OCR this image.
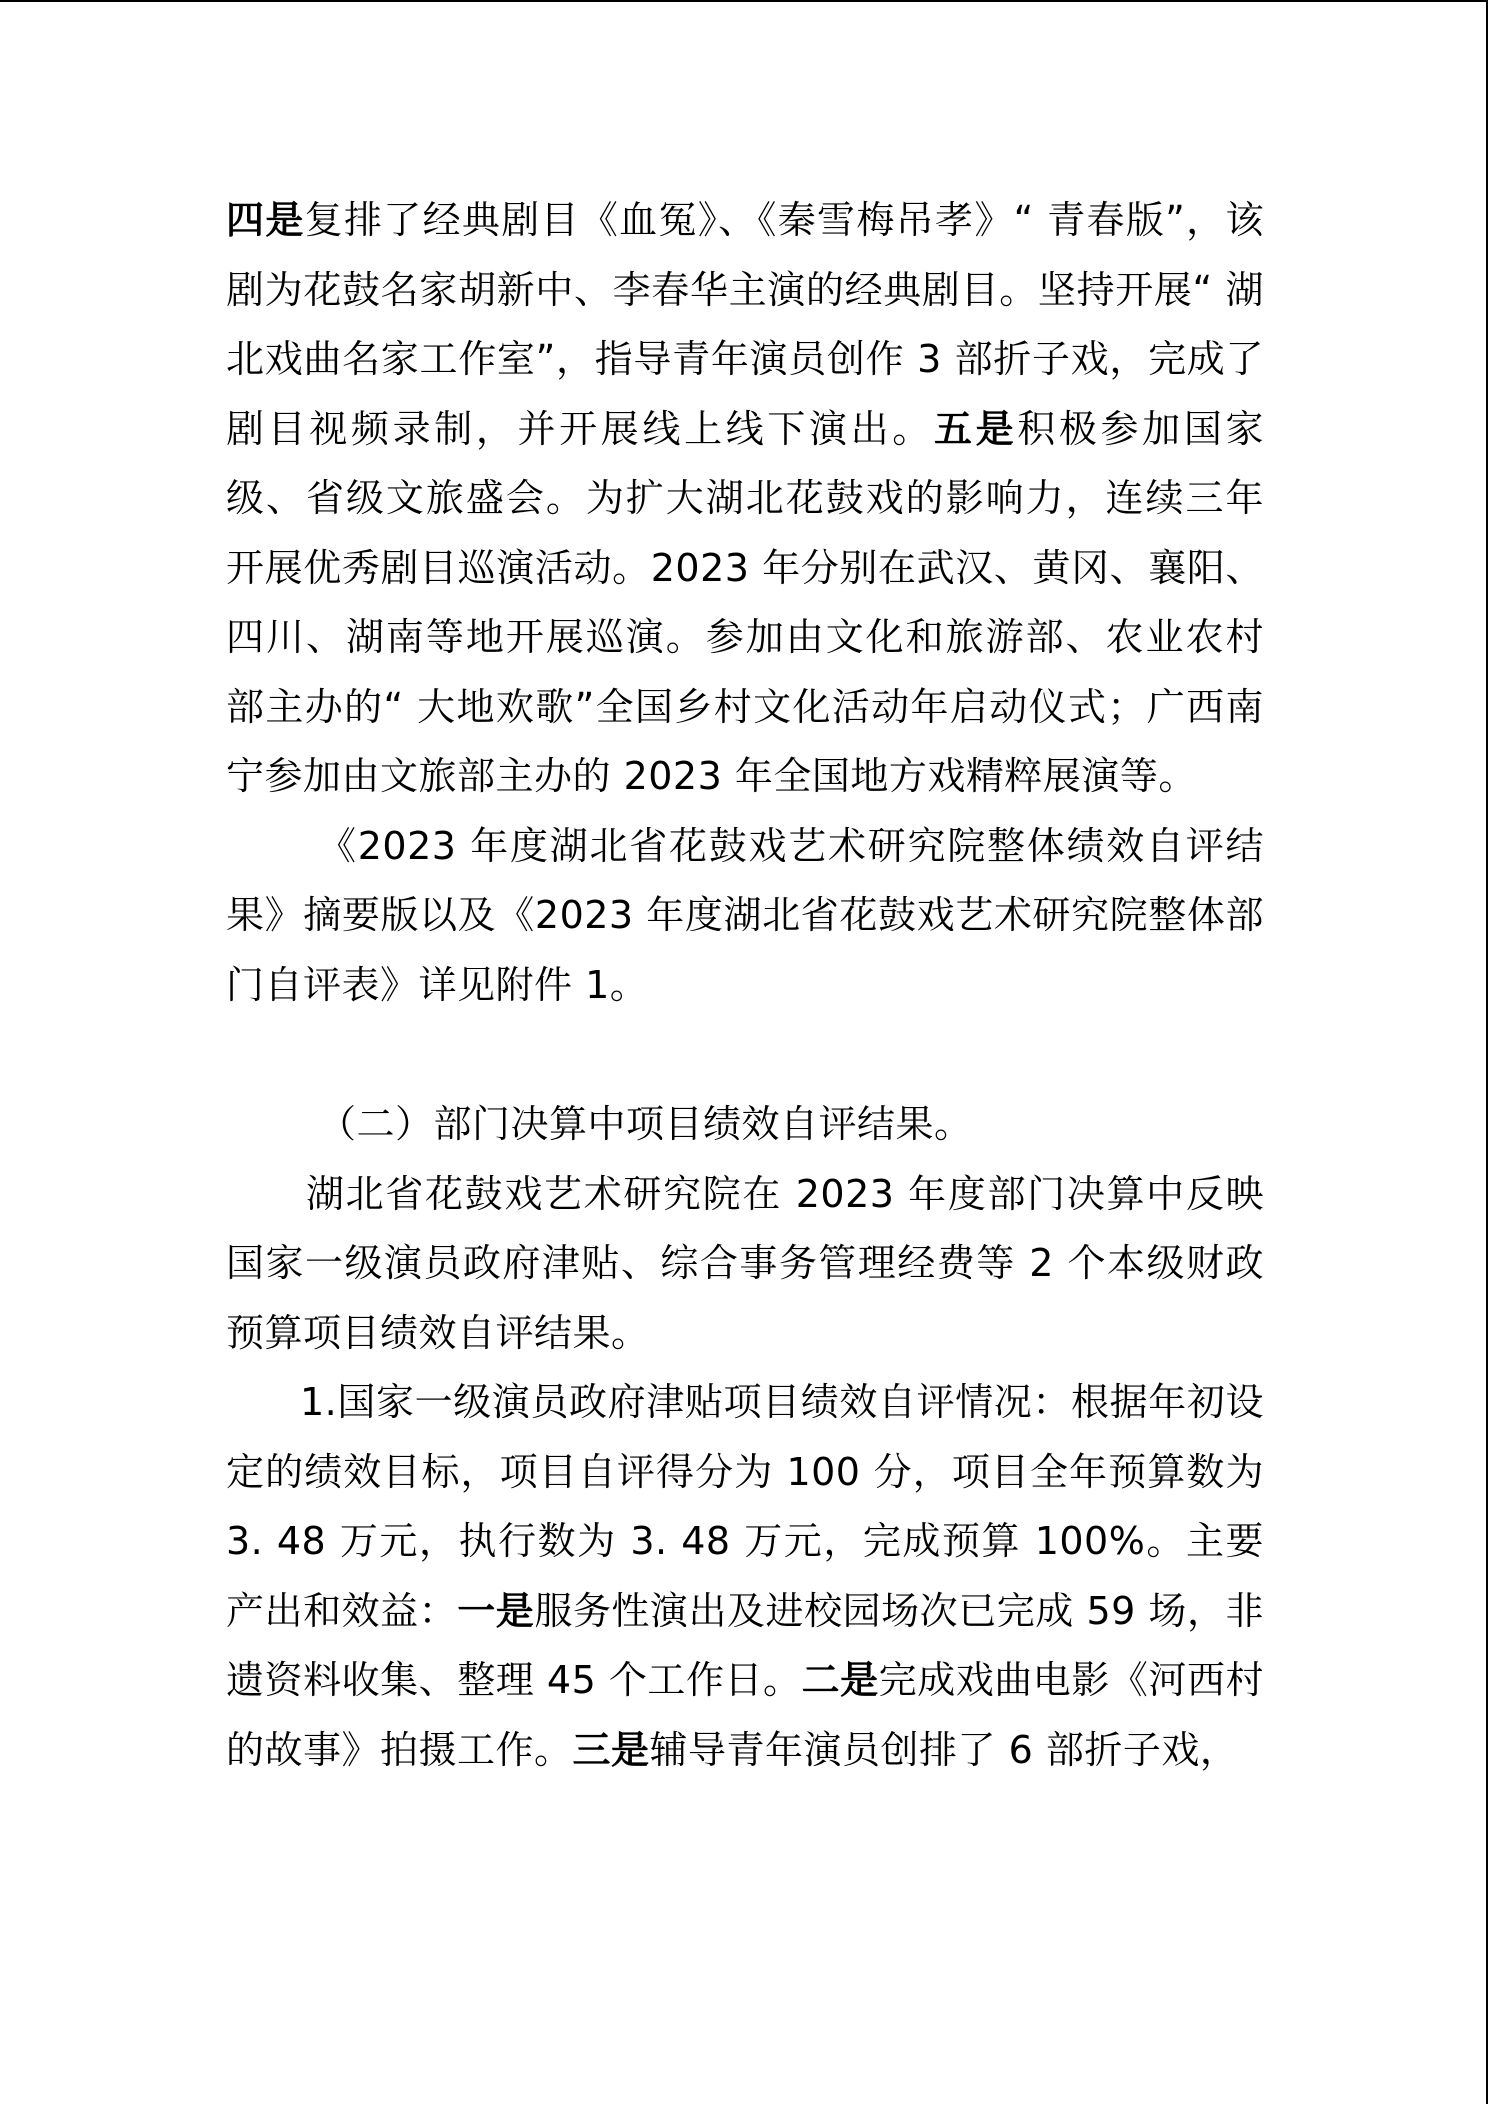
四是复排了经典剧目《血冤》、《秦雪梅吊孝》“ 青春版”，该剧为花鼓名家胡新中、李春华主演的经典剧目。坚持开展“ 湖北戏曲名家工作室”，指导青年演员创作 3 部折子戏，完成了剧目视频录制，并开展线上线下演出。五是积极参加国家级、省级文旅盛会。为扩大湖北花鼓戏的影响力，连续三年开展优秀剧目巡演活动。2023 年分别在武汉、黄冈、襄阳、四川、湖南等地开展巡演。参加由文化和旅游部、农业农村部主办的“ 大地欢歌”全国乡村文化活动年启动仪式；广西南宁参加由文旅部主办的 2023 年全国地方戏精粹展演等。

《2023 年度湖北省花鼓戏艺术研究院整体绩效自评结果》摘要版以及《2023 年度湖北省花鼓戏艺术研究院整体部门自评表》详见附件 1。

（二）部门决算中项目绩效自评结果。

湖北省花鼓戏艺术研究院在 2023 年度部门决算中反映国家一级演员政府津贴、综合事务管理经费等 2 个本级财政预算项目绩效自评结果。

1.国家一级演员政府津贴项目绩效自评情况：根据年初设定的绩效目标，项目自评得分为 100 分，项目全年预算数为 3. 48 万元，执行数为 3. 48 万元，完成预算 100%。主要产出和效益：一是服务性演出及进校园场次已完成 59 场，非遗资料收集、整理 45 个工作日。二是完成戏曲电影《河西村的故事》拍摄工作。三是辅导青年演员创排了 6 部折子戏，
